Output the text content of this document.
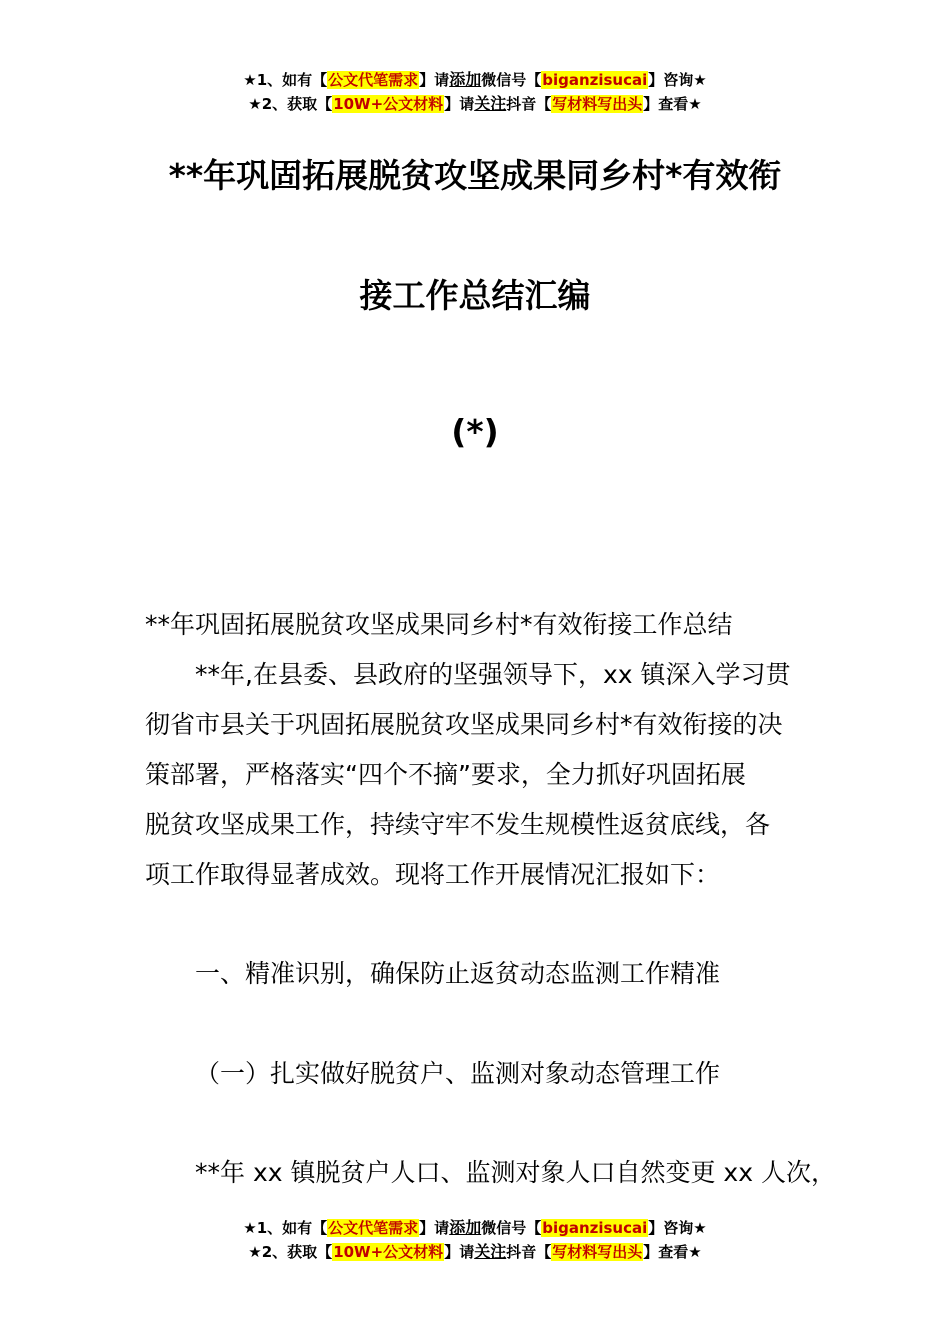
★1、如有【公文代笔需求】请添加微信号【biganzisucai】咨询★
★2、获取【10W+公文材料】请关注抖音【写材料写出头】查看★
**年巩固拓展脱贫攻坚成果同乡村*有效衔
接工作总结汇编
(*)
**年巩固拓展脱贫攻坚成果同乡村*有效衔接工作总结
**年,在县委、县政府的坚强领导下，xx 镇深入学习贯
彻省市县关于巩固拓展脱贫攻坚成果同乡村*有效衔接的决
策部署，严格落实“四个不摘”要求，全力抓好巩固拓展
脱贫攻坚成果工作，持续守牢不发生规模性返贫底线，各
项工作取得显著成效。现将工作开展情况汇报如下：
一、精准识别，确保防止返贫动态监测工作精准
（一）扎实做好脱贫户、监测对象动态管理工作
**年 xx 镇脱贫户人口、监测对象人口自然变更 xx 人次，
★1、如有【公文代笔需求】请添加微信号【biganzisucai】咨询★
★2、获取【10W+公文材料】请关注抖音【写材料写出头】查看★
